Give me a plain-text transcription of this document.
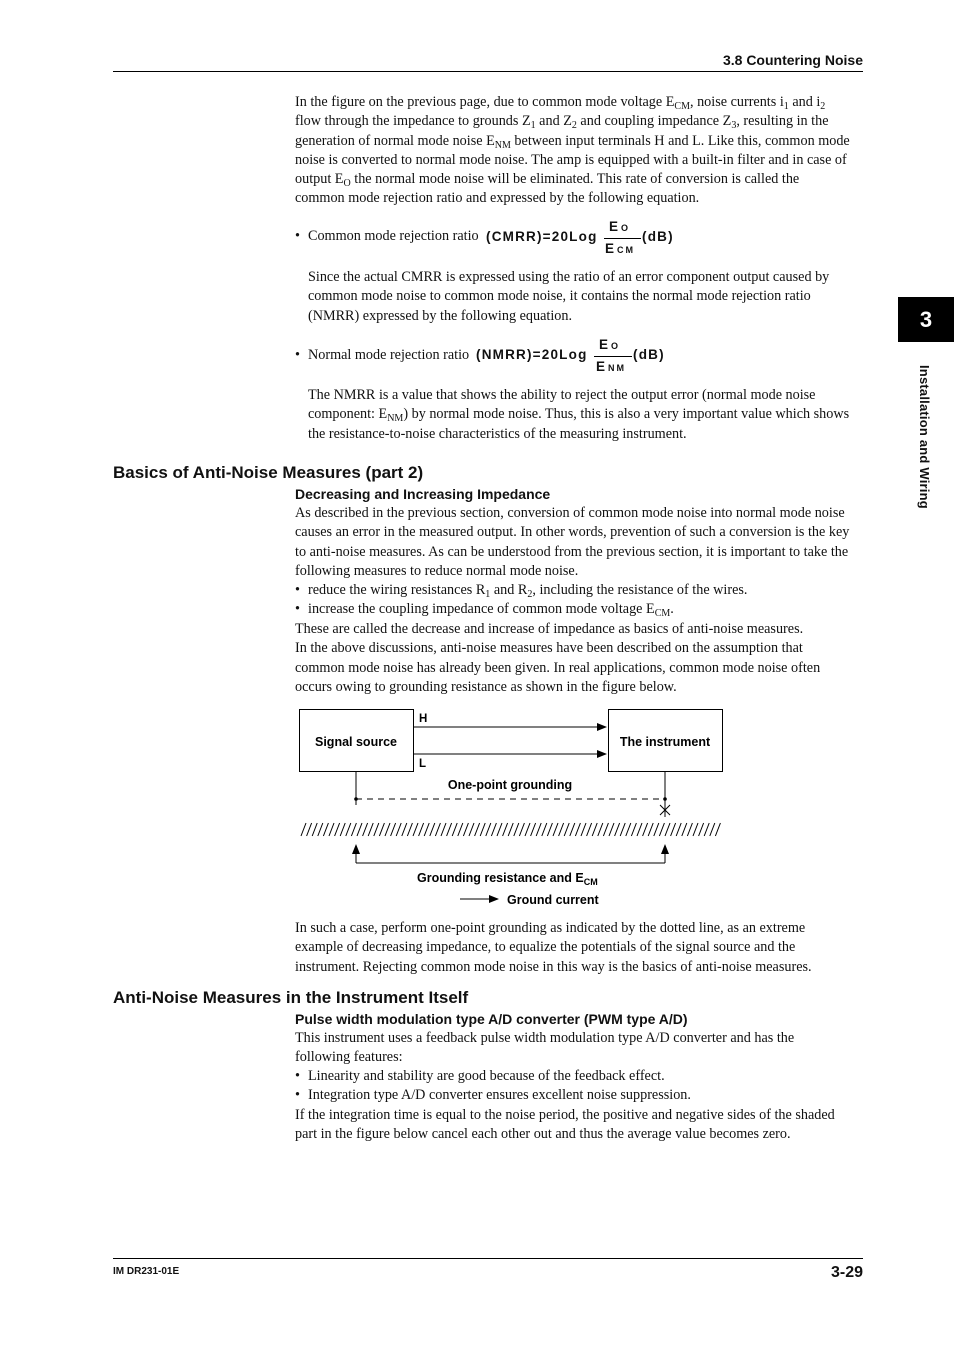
3.8 Countering Noise
3
Installation and Wiring

In the figure on the previous page, due to common mode voltage $E_{CM}$, noise currents $i_1$ and $i_2$

flow through the impedance to grounds $Z_1$ and $Z_2$ and coupling impedance $Z_3$, resulting in the

generation of normal mode noise $E_{NM}$ between input terminals H and L. Like this, common mode

noise is converted to normal mode noise. The amp is equipped with a built-in filter and in case of

output $E_O$ the normal mode noise will be eliminated. This rate of conversion is called the

common mode rejection ratio and expressed by the following equation.

• Common mode rejection ratio (CMRR)=20Log
E O
ECM
(dB)

Since the actual CMRR is expressed using the ratio of an error component output caused by

common mode noise to common mode noise, it contains the normal mode rejection ratio

(NMRR) expressed by the following equation.

• Normal mode rejection ratio (NMRR)=20Log
E O
ENM
(dB)

The NMRR is a value that shows the ability to reject the output error (normal mode noise

component: $E_{NM}$) by normal mode noise. Thus, this is also a very important value which shows

the resistance-to-noise characteristics of the measuring instrument.

Basics of Anti-Noise Measures (part 2)
Decreasing and Increasing Impedance

As described in the previous section, conversion of common mode noise into normal mode noise

causes an error in the measured output. In other words, prevention of such a conversion is the key

to anti-noise measures. As can be understood from the previous section, it is important to take the

following measures to reduce normal mode noise.

• reduce the wiring resistances $R_1$ and $R_2$, including the resistance of the wires.
• increase the coupling impedance of common mode voltage $E_{CM}$.

These are called the decrease and increase of impedance as basics of anti-noise measures.

In the above discussions, anti-noise measures have been described on the assumption that

common mode noise has already been given. In real applications, common mode noise often

occurs owing to grounding resistance as shown in the figure below.

Signal source	The instrument
H
L
One-point grounding
Grounding resistance and $E_{CM}$
Ground current

In such a case, perform one-point grounding as indicated by the dotted line, as an extreme

example of decreasing impedance, to equalize the potentials of the signal source and the

instrument. Rejecting common mode noise in this way is the basics of anti-noise measures.

Anti-Noise Measures in the Instrument Itself
Pulse width modulation type A/D converter (PWM type A/D)

This instrument uses a feedback pulse width modulation type A/D converter and has the

following features:

• Linearity and stability are good because of the feedback effect.
• Integration type A/D converter ensures excellent noise suppression.

If the integration time is equal to the noise period, the positive and negative sides of the shaded

part in the figure below cancel each other out and thus the average value becomes zero.

IM DR231-01E	3-29
